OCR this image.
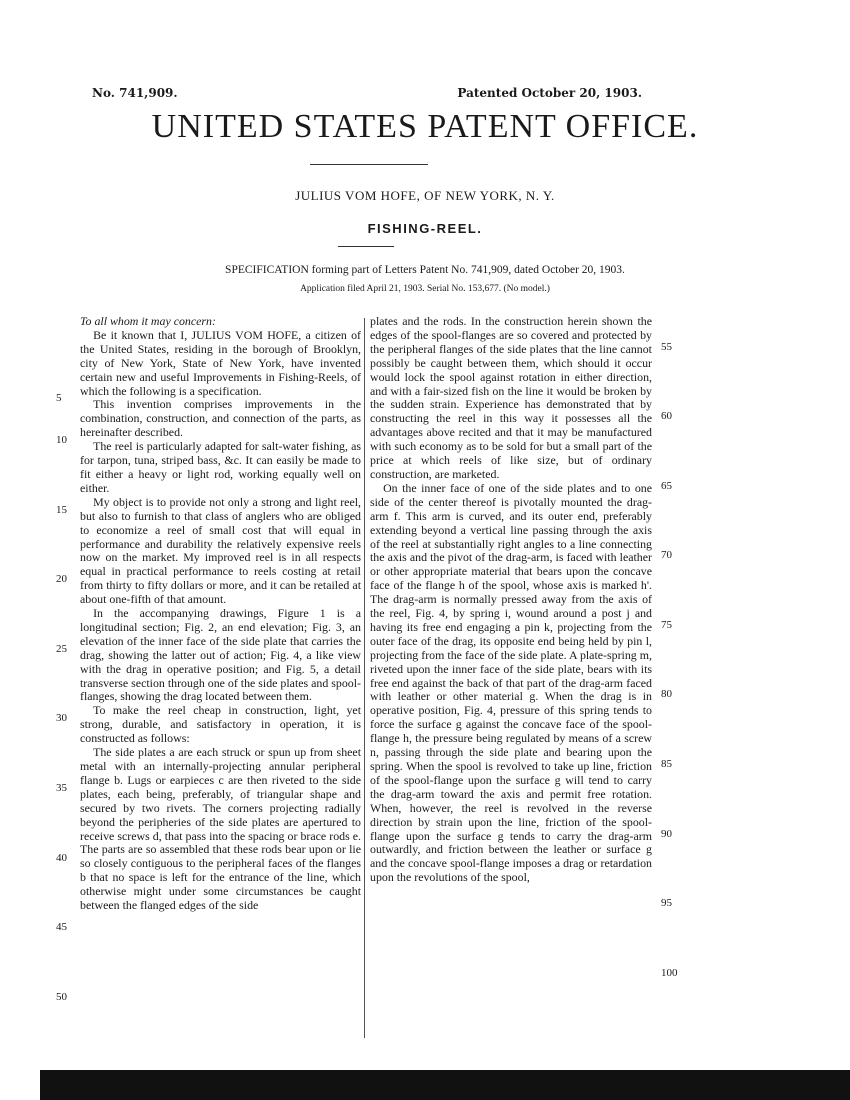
No. 741,909.	Patented October 20, 1903.
UNITED STATES PATENT OFFICE.
JULIUS VOM HOFE, OF NEW YORK, N. Y.
FISHING-REEL.
SPECIFICATION forming part of Letters Patent No. 741,909, dated October 20, 1903.
Application filed April 21, 1903. Serial No. 153,677. (No model.)

To all whom it may concern:

Be it known that I, JULIUS VOM HOFE, a citizen of the United States, residing in the borough of Brooklyn, city of New York, State of New York, have invented certain new and useful Improvements in Fishing-Reels, of which the following is a specification.

This invention comprises improvements in the combination, construction, and connection of the parts, as hereinafter described.

The reel is particularly adapted for salt-water fishing, as for tarpon, tuna, striped bass, &c. It can easily be made to fit either a heavy or light rod, working equally well on either.

My object is to provide not only a strong and light reel, but also to furnish to that class of anglers who are obliged to economize a reel of small cost that will equal in performance and durability the relatively expensive reels now on the market. My improved reel is in all respects equal in practical performance to reels costing at retail from thirty to fifty dollars or more, and it can be retailed at about one-fifth of that amount.

In the accompanying drawings, Figure 1 is a longitudinal section; Fig. 2, an end elevation; Fig. 3, an elevation of the inner face of the side plate that carries the drag, showing the latter out of action; Fig. 4, a like view with the drag in operative position; and Fig. 5, a detail transverse section through one of the side plates and spool-flanges, showing the drag located between them.

To make the reel cheap in construction, light, yet strong, durable, and satisfactory in operation, it is constructed as follows:

The side plates a are each struck or spun up from sheet metal with an internally-projecting annular peripheral flange b. Lugs or earpieces c are then riveted to the side plates, each being, preferably, of triangular shape and secured by two rivets. The corners projecting radially beyond the peripheries of the side plates are apertured to receive screws d, that pass into the spacing or brace rods e. The parts are so assembled that these rods bear upon or lie so closely contiguous to the peripheral faces of the flanges b that no space is left for the entrance of the line, which otherwise might under some circumstances be caught between the flanged edges of the side

plates and the rods. In the construction herein shown the edges of the spool-flanges are so covered and protected by the peripheral flanges of the side plates that the line cannot possibly be caught between them, which should it occur would lock the spool against rotation in either direction, and with a fair-sized fish on the line it would be broken by the sudden strain. Experience has demonstrated that by constructing the reel in this way it possesses all the advantages above recited and that it may be manufactured with such economy as to be sold for but a small part of the price at which reels of like size, but of ordinary construction, are marketed.

On the inner face of one of the side plates and to one side of the center thereof is pivotally mounted the drag-arm f. This arm is curved, and its outer end, preferably extending beyond a vertical line passing through the axis of the reel at substantially right angles to a line connecting the axis and the pivot of the drag-arm, is faced with leather or other appropriate material that bears upon the concave face of the flange h of the spool, whose axis is marked h'. The drag-arm is normally pressed away from the axis of the reel, Fig. 4, by spring i, wound around a post j and having its free end engaging a pin k, projecting from the outer face of the drag, its opposite end being held by pin l, projecting from the face of the side plate. A plate-spring m, riveted upon the inner face of the side plate, bears with its free end against the back of that part of the drag-arm faced with leather or other material g. When the drag is in operative position, Fig. 4, pressure of this spring tends to force the surface g against the concave face of the spool-flange h, the pressure being regulated by means of a screw n, passing through the side plate and bearing upon the spring. When the spool is revolved to take up line, friction of the spool-flange upon the surface g will tend to carry the drag-arm toward the axis and permit free rotation. When, however, the reel is revolved in the reverse direction by strain upon the line, friction of the spool-flange upon the surface g tends to carry the drag-arm outwardly, and friction between the leather or surface g and the concave spool-flange imposes a drag or retardation upon the revolutions of the spool,

5
10
15
20
25
30
35
40
45
50
55
60
65
70
75
80
85
90
95
100
